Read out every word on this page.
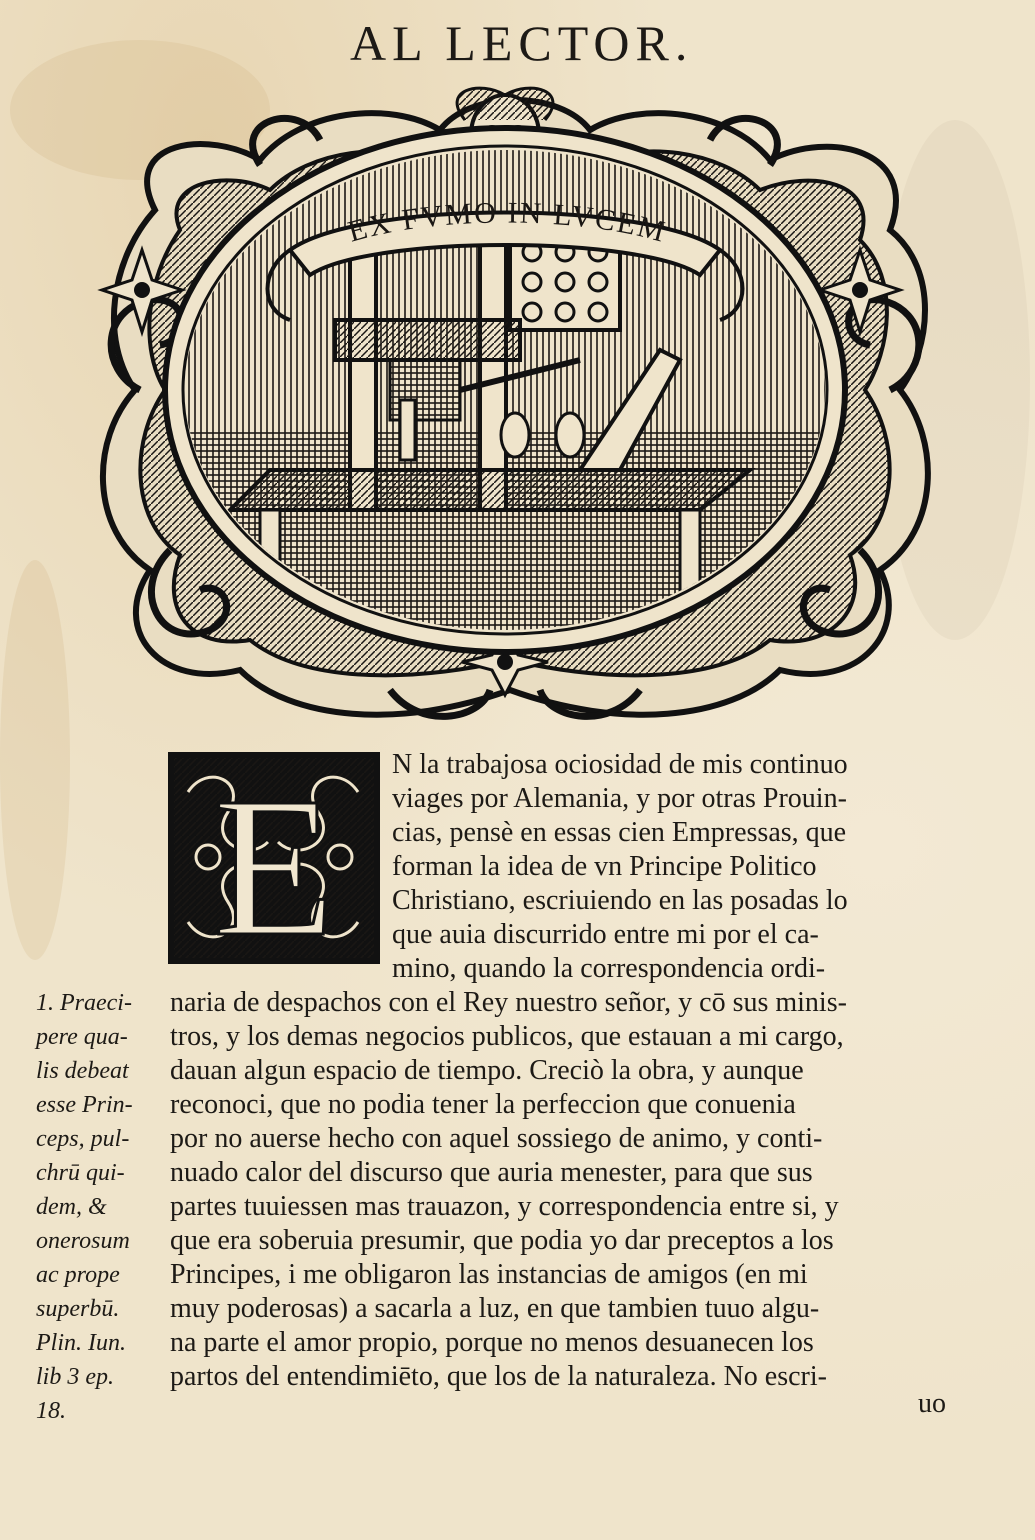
AL LECTOR.
EX FVMO IN LVCEM
E N la trabajosa ociosidad de mis continuo
viages por Alemania, y por otras Prouin-
cias, pensè en essas cien Empressas, que
forman la idea de vn Principe Politico
Christiano, escriuiendo en las posadas lo
que auia discurrido entre mi por el ca-
mino, quando la correspondencia ordi-
naria de despachos con el Rey nuestro señor, y cō sus minis-
tros, y los demas negocios publicos, que estauan a mi cargo,
dauan algun espacio de tiempo. Creciò la obra, y aunque
reconoci, que no podia tener la perfeccion que conuenia
por no auerse hecho con aquel sossiego de animo, y conti-
nuado calor del discurso que auria menester, para que sus
partes tuuiessen mas trauazon, y correspondencia entre si, y
que era soberuia presumir, que podia yo dar preceptos a los
Principes, i me obligaron las instancias de amigos (en mi
muy poderosas) a sacarla a luz, en que tambien tuuo algu-
na parte el amor propio, porque no menos desuanecen los
partos del entendimiēto, que los de la naturaleza. No escri-
1. Praeci-
pere qua-
lis debeat
esse Prin-
ceps, pul-
chrū qui-
dem, &
onerosum
ac prope
superbū.
Plin. Iun.
lib 3 ep.
18.	uo
